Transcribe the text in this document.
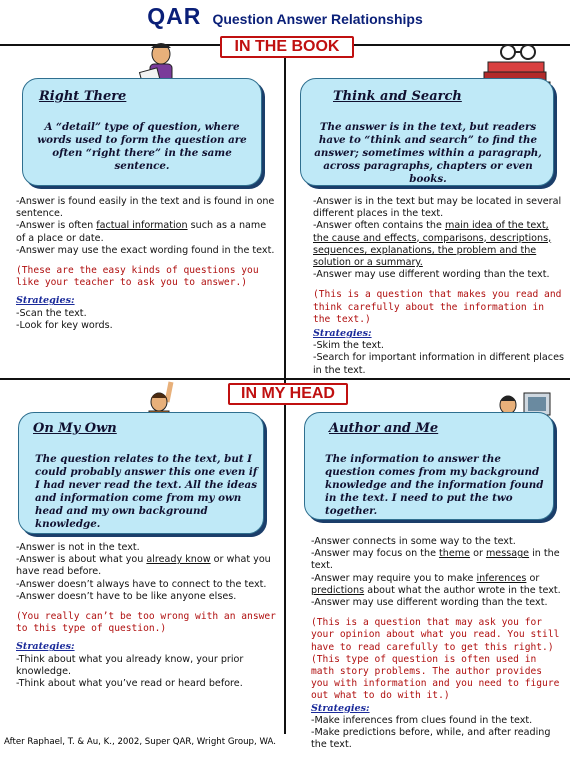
QAR Question Answer Relationships
IN THE BOOK
IN MY HEAD
Right There
A “detail” type of question, where words used to form the question are often “right there” in the same sentence.
Think and Search
The answer is in the text, but readers have to “think and search” to find the answer; sometimes within a paragraph, across paragraphs, chapters or even books.
On My Own
The question relates to the text, but I could probably answer this one even if I had never read the text. All the ideas and information come from my own head and my own background knowledge.
Author and Me
The information to answer the question comes from my background knowledge and the information found in the text. I need to put the two together.
-Answer is found easily in the text and is found in one sentence.
-Answer is often factual information such as a name of a place or date.
-Answer may use the exact wording found in the text.
(These are the easy kinds of questions you like your teacher to ask you to answer.)
Strategies:
-Scan the text.
-Look for key words.
-Answer is in the text but may be located in several different places in the text.
-Answer often contains the main idea of the text, the cause and effects, comparisons, descriptions, sequences, explanations, the problem and the solution or a summary.
-Answer may use different wording than the text.
(This is a question that makes you read and think carefully about the information in the text.)
Strategies:
-Skim the text.
-Search for important information in different places in the text.
-Answer is not in the text.
-Answer is about what you already know or what you have read before.
-Answer doesn’t always have to connect to the text.
-Answer doesn’t have to be like anyone elses.
(You really can’t be too wrong with an answer to this type of question.)
Strategies:
-Think about what you already know, your prior knowledge.
-Think about what you’ve read or heard before.
-Answer connects in some way to the text.
-Answer may focus on the theme or message in the text.
-Answer may require you to make inferences or predictions about what the author wrote in the text.
-Answer may use different wording than the text.
(This is a question that may ask you for your opinion about what you read. You still have to read carefully to get this right.)
(This type of question is often used in math story problems. The author provides you with information and you need to figure out what to do with it.)
Strategies:
-Make inferences from clues found in the text.
-Make predictions before, while, and after reading the text.
After Raphael, T. & Au, K., 2002, Super QAR, Wright Group, WA.
